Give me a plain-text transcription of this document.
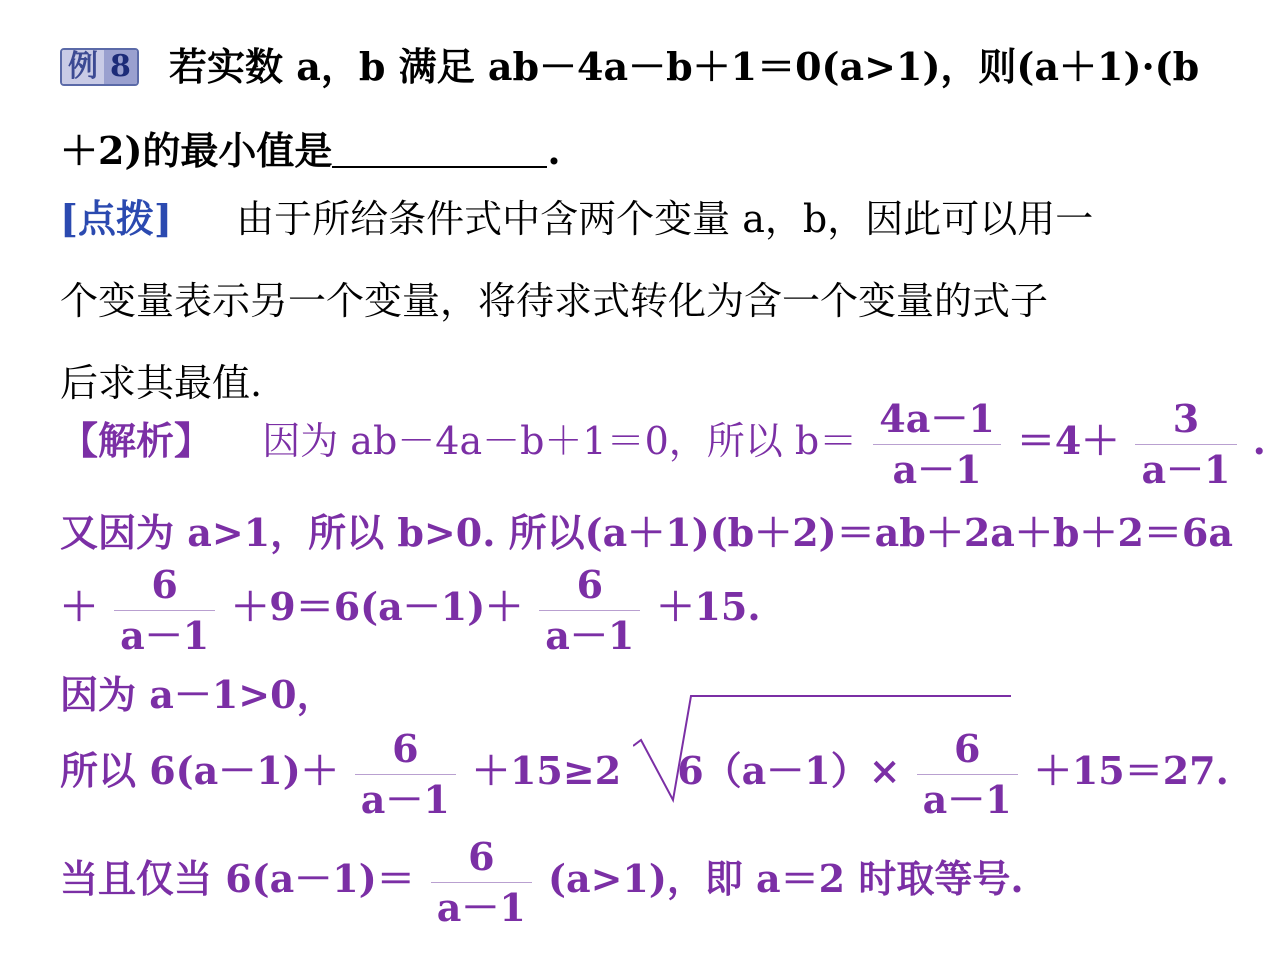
例 8 若实数 a，b 满足 ab－4a－b＋1＝0(a>1)，则(a＋1)·(b
＋2)的最小值是	.
[点拨] 由于所给条件式中含两个变量 a，b，因此可以用一
个变量表示另一个变量，将待求式转化为含一个变量的式子
后求其最值.
【解析】 因为 ab－4a－b＋1＝0，所以 $b= \frac{4a-1}{a-1} =4+ \frac{3}{a-1}$ .
又因为 a>1，所以 b>0. 所以(a＋1)(b＋2)＝ab＋2a＋b＋2＝6a
＋ $\frac{6}{a-1} +9=6(a-1)+ \frac{6}{a-1} +15$.
因为 a－1>0，
所以 $6(a-1)+ \frac{6}{a-1} +15\ge 2$ $6(a-1)\times \frac{6}{a-1} +15=27$.
当且仅当 $6(a-1)= \frac{6}{a-1} (a>1)$，即 a＝2 时取等号.
